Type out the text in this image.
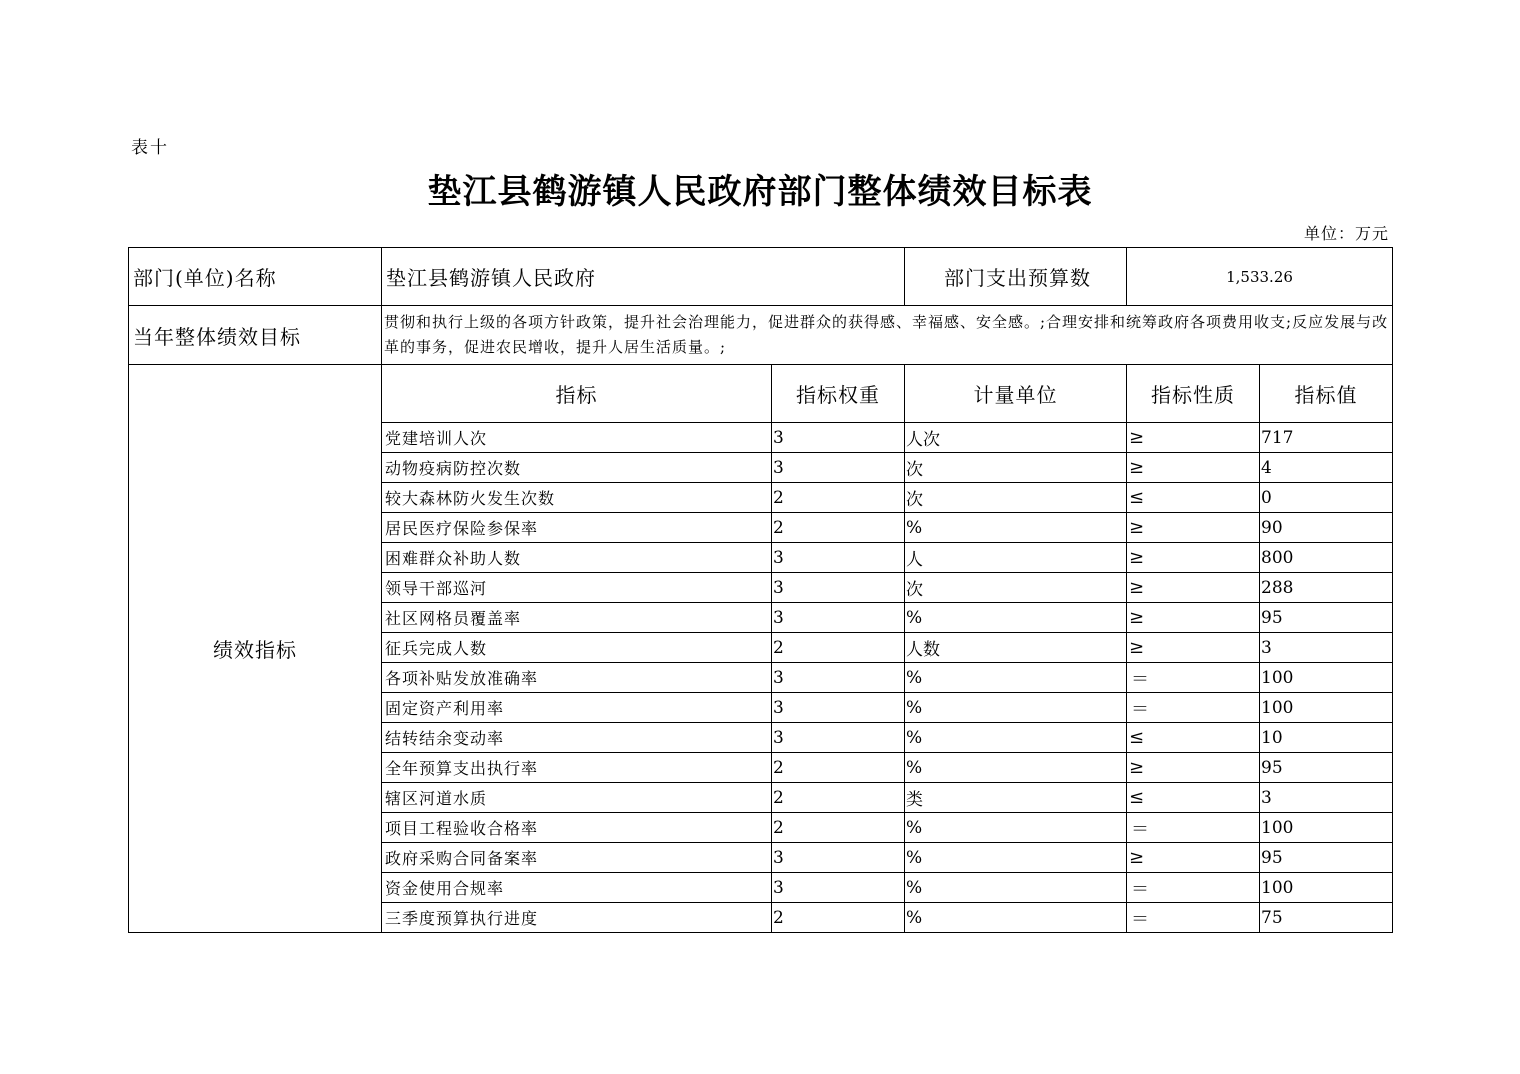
表十
垫江县鹤游镇人民政府部门整体绩效目标表
单位：万元
部门(单位)名称	垫江县鹤游镇人民政府		部门支出预算数	1,533.26	
当年整体绩效目标	贯彻和执行上级的各项方针政策，提升社会治理能力，促进群众的获得感、幸福感、安全感。;合理安排和统筹政府各项费用收支;反应发展与改革的事务，促进农民增收，提升人居生活质量。;				
绩效指标	指标	指标权重	计量单位	指标性质	指标值
	党建培训人次	3	人次	≥	717
	动物疫病防控次数	3	次	≥	4
	较大森林防火发生次数	2	次	≤	0
	居民医疗保险参保率	2	%	≥	90
	困难群众补助人数	3	人	≥	800
	领导干部巡河	3	次	≥	288
	社区网格员覆盖率	3	%	≥	95
	征兵完成人数	2	人数	≥	3
	各项补贴发放准确率	3	%	＝	100
	固定资产利用率	3	%	＝	100
	结转结余变动率	3	%	≤	10
	全年预算支出执行率	2	%	≥	95
	辖区河道水质	2	类	≤	3
	项目工程验收合格率	2	%	＝	100
	政府采购合同备案率	3	%	≥	95
	资金使用合规率	3	%	＝	100
	三季度预算执行进度	2	%	＝	75
